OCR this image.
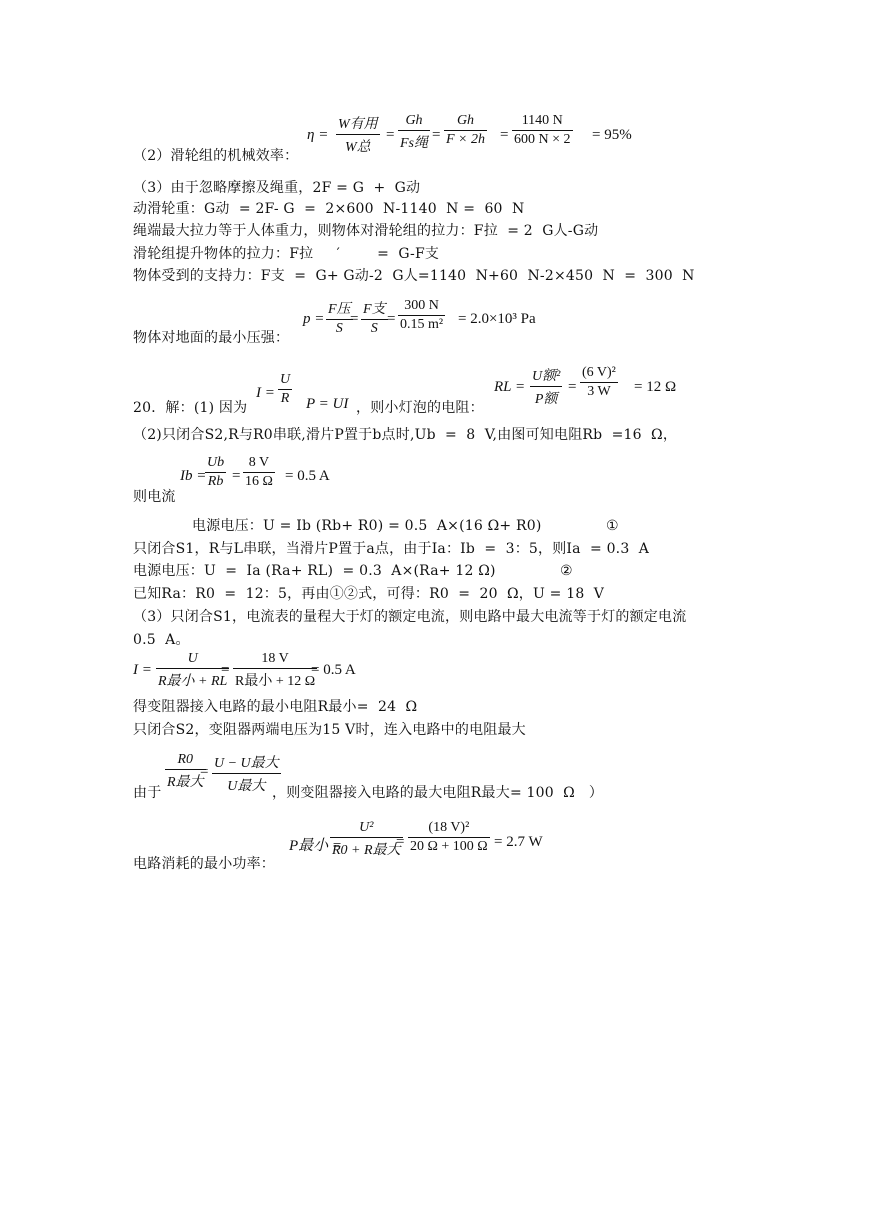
η =
W有用
W总
=
Gh
Fs绳
= $\frac{Gh}{F \times 2h} = \frac{1140 N}{600 N \times 2} = 95\%$
（2）滑轮组的机械效率：
（3）由于忽略摩擦及绳重，2F = G  +  G动
动滑轮重：G动  = 2F- G  =  2×600  N-1140  N =  60  N
绳端最大拉力等于人体重力，则物体对滑轮组的拉力：F拉  = 2  G人-G动
滑轮组提升物体的拉力：F拉     ′        =  G-F支
物体受到的支持力：F支  =  G+ G动-2  G人=1140  N+60  N-2×450  N  =  300  N
p =
F压
S
=
F支
S
= $\frac{300 N}{\text{0.15 m²}} = 2.0\times 10^3$ Pa
物体对地面的最小压强：
$I = \frac{U}{R}$ P = UI
RL =
U额²
P额
= $\frac{\text{(6 V)²}}{3 W} = 12$ Ω
20．解：(1) 因为	，则小灯泡的电阻：
（2)只闭合S2,R与R0串联,滑片P置于b点时,Ub  =  8  V,由图可知电阻Rb  =16  Ω，
Ib =
$\frac{Ub}{Rb} = \frac{8 V}{16 \Omega} = 0.5$ A
则电流
电源电压：U = Ib (Rb+ R0) = 0.5  A×(16 Ω+ R0)	①
只闭合S1，R与L串联，当滑片P置于a点，由于Ia：Ib  =  3：5，则Ia  = 0.3  A
电源电压：U  =  Ia (Ra+ RL)  = 0.3  A×(Ra+ 12 Ω)	②
已知Ra：R0  =  12：5，再由①②式，可得：R0  =  20  Ω，U = 18  V
（3）只闭合S1，电流表的量程大于灯的额定电流，则电路中最大电流等于灯的额定电流
0.5  A。
I =
U
R最小 + RL
=
18 V
R最小 + 12 Ω
= 0.5 A
得变阻器接入电路的最小电阻R最小=  24  Ω
只闭合S2，变阻器两端电压为15 V时，连入电路中的电阻最大
R0
R最大
=
U − U最大
U最大
由于	，则变阻器接入电路的最大电阻R最大= 100  Ω   ）
P最小 =
U²
R0 + R最大
= $\frac{\text{(18 V)²}}{20 \Omega + 100 \Omega} = 2.7$ W
电路消耗的最小功率：
